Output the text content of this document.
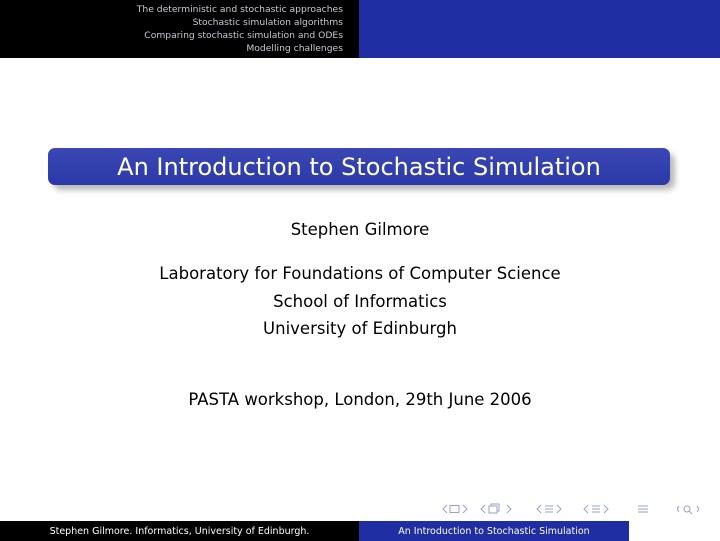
The deterministic and stochastic approaches
Stochastic simulation algorithms
Comparing stochastic simulation and ODEs
Modelling challenges
An Introduction to Stochastic Simulation
Stephen Gilmore
Laboratory for Foundations of Computer Science
School of Informatics
University of Edinburgh
PASTA workshop, London, 29th June 2006
Stephen Gilmore. Informatics, University of Edinburgh.	An Introduction to Stochastic Simulation
